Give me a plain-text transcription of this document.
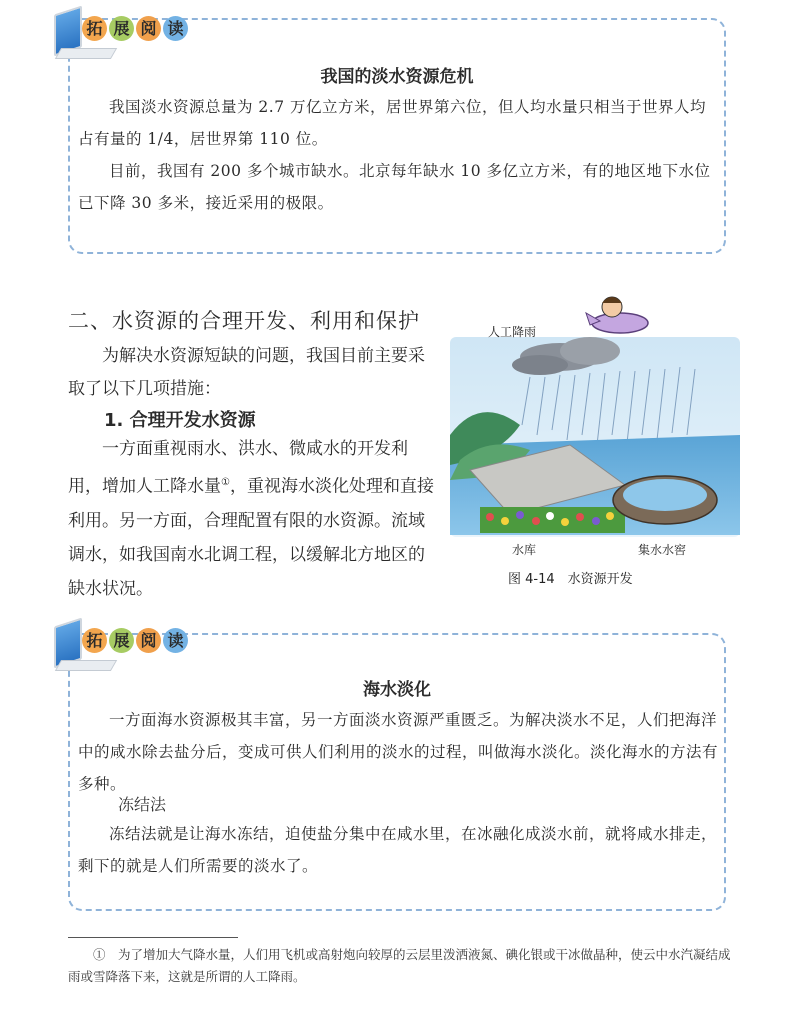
我国的淡水资源危机
拓 展 阅 读

我国淡水资源总量为 2.7 万亿立方米，居世界第六位，但人均水量只相当于世界人均占有量的 1/4，居世界第 110 位。

目前，我国有 200 多个城市缺水。北京每年缺水 10 多亿立方米，有的地区地下水位已下降 30 多米，接近采用的极限。

二、水资源的合理开发、利用和保护

为解决水资源短缺的问题，我国目前主要采取了以下几项措施：

1. 合理开发水资源

一方面重视雨水、洪水、微咸水的开发利用，增加人工降水量①，重视海水淡化处理和直接利用。另一方面，合理配置有限的水资源。流域调水，如我国南水北调工程，以缓解北方地区的缺水状况。

人工降雨
水库	集水水窖
图 4-14　水资源开发
海水淡化
拓 展 阅 读

一方面海水资源极其丰富，另一方面淡水资源严重匮乏。为解决淡水不足，人们把海洋中的咸水除去盐分后，变成可供人们利用的淡水的过程，叫做海水淡化。淡化海水的方法有多种。

冻结法

冻结法就是让海水冻结，迫使盐分集中在咸水里，在冰融化成淡水前，就将咸水排走，剩下的就是人们所需要的淡水了。

①　为了增加大气降水量，人们用飞机或高射炮向较厚的云层里泼洒液氮、碘化银或干冰做晶种，使云中水汽凝结成雨或雪降落下来，这就是所谓的人工降雨。
